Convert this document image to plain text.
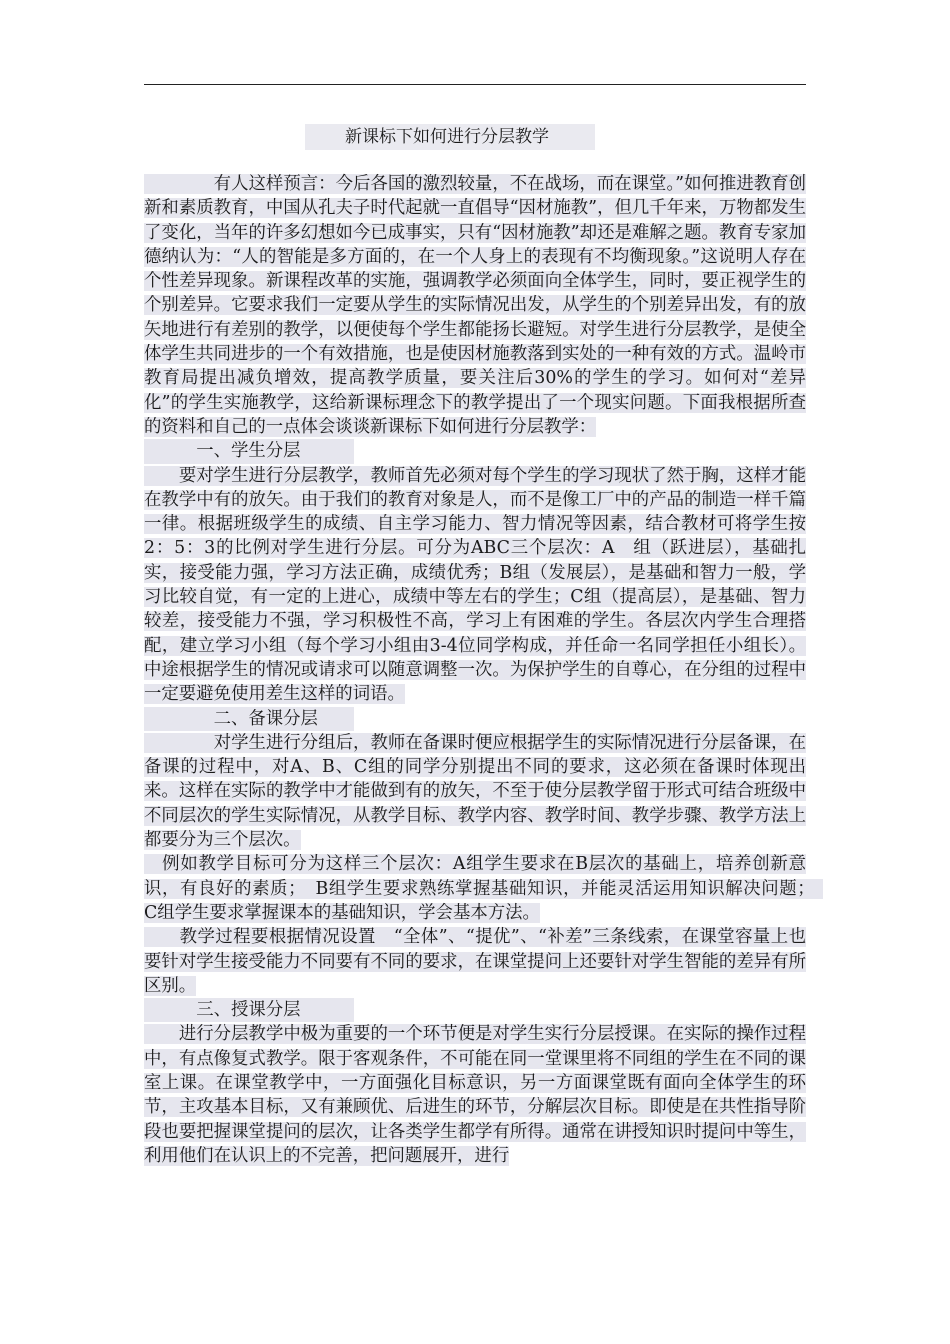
新课标下如何进行分层教学

　　　　有人这样预言：今后各国的激烈较量，不在战场，而在课堂。”如何推进教育创新和素质教育，中国从孔夫子时代起就一直倡导“因材施教”，但几千年来，万物都发生了变化，当年的许多幻想如今已成事实，只有“因材施教”却还是难解之题。教育专家加德纳认为：“人的智能是多方面的，在一个人身上的表现有不均衡现象。”这说明人存在个性差异现象。新课程改革的实施，强调教学必须面向全体学生，同时，要正视学生的个别差异。它要求我们一定要从学生的实际情况出发，从学生的个别差异出发，有的放矢地进行有差别的教学，以便使每个学生都能扬长避短。对学生进行分层教学，是使全体学生共同进步的一个有效措施，也是使因材施教落到实处的一种有效的方式。温岭市教育局提出减负增效，提高教学质量，要关注后30%的学生的学习。如何对“差异化”的学生实施教学，这给新课标理念下的教学提出了一个现实问题。下面我根据所查的资料和自己的一点体会谈谈新课标下如何进行分层教学：

　　　一、学生分层

　　要对学生进行分层教学，教师首先必须对每个学生的学习现状了然于胸，这样才能在教学中有的放矢。由于我们的教育对象是人，而不是像工厂中的产品的制造一样千篇一律。根据班级学生的成绩、自主学习能力、智力情况等因素，结合教材可将学生按2：5：3的比例对学生进行分层。可分为ABC三个层次：A　组（跃进层），基础扎实，接受能力强，学习方法正确，成绩优秀；B组（发展层），是基础和智力一般，学习比较自觉，有一定的上进心，成绩中等左右的学生；C组（提高层），是基础、智力较差，接受能力不强，学习积极性不高，学习上有困难的学生。各层次内学生合理搭配，建立学习小组（每个学习小组由3-4位同学构成，并任命一名同学担任小组长）。中途根据学生的情况或请求可以随意调整一次。为保护学生的自尊心，在分组的过程中一定要避免使用差生这样的词语。

　　　　二、备课分层

　　　　对学生进行分组后，教师在备课时便应根据学生的实际情况进行分层备课，在备课的过程中，对A、B、C组的同学分别提出不同的要求，这必须在备课时体现出来。这样在实际的教学中才能做到有的放矢，不至于使分层教学留于形式可结合班级中不同层次的学生实际情况，从教学目标、教学内容、教学时间、教学步骤、教学方法上都要分为三个层次。

　例如教学目标可分为这样三个层次：A组学生要求在B层次的基础上，培养创新意识，有良好的素质；　B组学生要求熟练掌握基础知识，并能灵活运用知识解决问题；　C组学生要求掌握课本的基础知识，学会基本方法。

　　教学过程要根据情况设置　“全体”、“提优”、“补差”三条线索，在课堂容量上也要针对学生接受能力不同要有不同的要求，在课堂提问上还要针对学生智能的差异有所区别。

　　　三、授课分层

　　进行分层教学中极为重要的一个环节便是对学生实行分层授课。在实际的操作过程中，有点像复式教学。限于客观条件，不可能在同一堂课里将不同组的学生在不同的课室上课。在课堂教学中，一方面强化目标意识，另一方面课堂既有面向全体学生的环节，主攻基本目标，又有兼顾优、后进生的环节，分解层次目标。即使是在共性指导阶段也要把握课堂提问的层次，让各类学生都学有所得。通常在讲授知识时提问中等生，利用他们在认识上的不完善，把问题展开，进行
